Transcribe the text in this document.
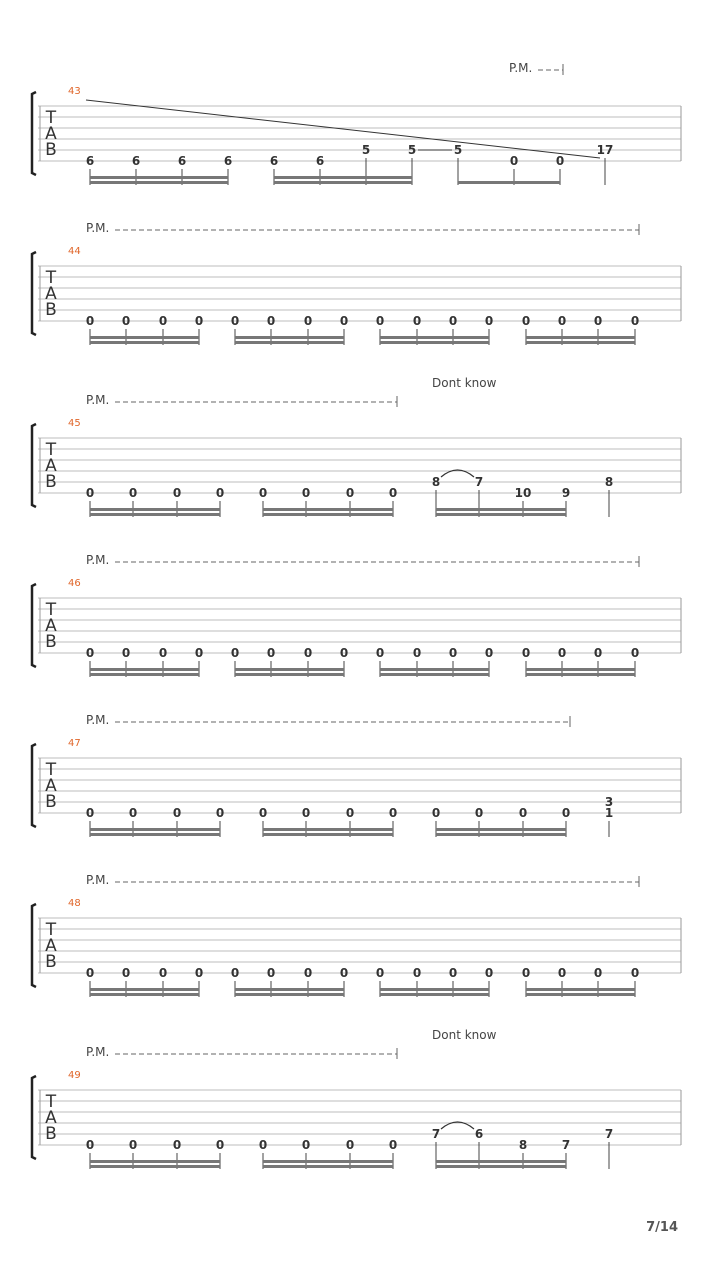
T
A
B
43
P.M.
6	6	6	6	6	6
5	5	5
0	0
17
T
A
B
44
P.M.
0 0 0 0 0 0 0 0 0 0 0 0 0 0 0 0
T
A
B
45
P.M.
Dont know
0	0	0	0	0	0	0	0
8	7
10	9
8
T
A
B
46
P.M.
0 0 0 0 0 0 0 0 0 0 0 0 0 0 0 0
T
A
B
47
P.M.
0	0	0	0	0	0	0	0	0	0	0	0	1
3
T
A
B
48
P.M.
0 0 0 0 0 0 0 0 0 0 0 0 0 0 0 0
T
A
B
49
P.M.
Dont know
0	0	0	0	0	0	0	0
7	6
8	7
7
7/14
